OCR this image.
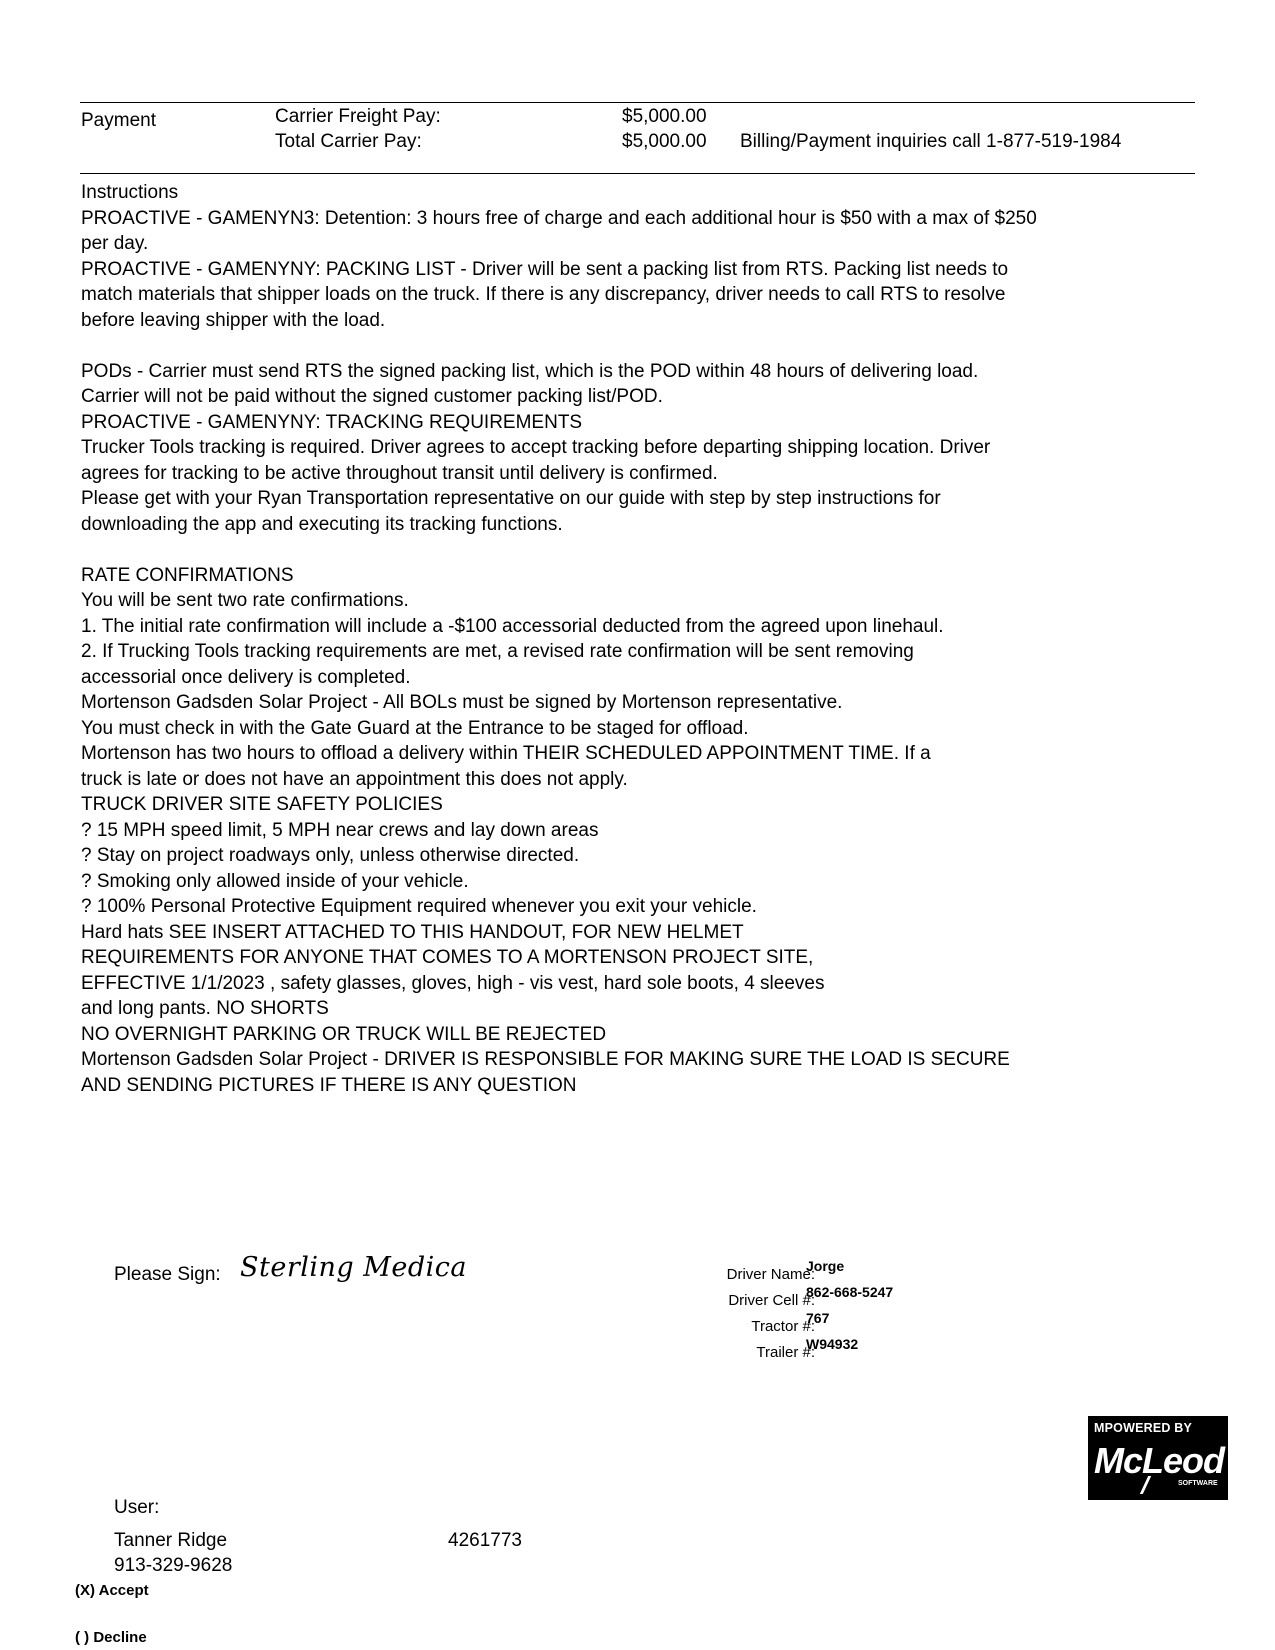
Payment	Carrier Freight Pay:	$5,000.00
Total Carrier Pay:	$5,000.00 Billing/Payment inquiries call 1-877-519-1984
Instructions
PROACTIVE - GAMENYN3: Detention: 3 hours free of charge and each additional hour is $50 with a max of $250
per day.
PROACTIVE - GAMENYNY: PACKING LIST - Driver will be sent a packing list from RTS. Packing list needs to
match materials that shipper loads on the truck. If there is any discrepancy, driver needs to call RTS to resolve
before leaving shipper with the load.
PODs - Carrier must send RTS the signed packing list, which is the POD within 48 hours of delivering load.
Carrier will not be paid without the signed customer packing list/POD.
PROACTIVE - GAMENYNY: TRACKING REQUIREMENTS
Trucker Tools tracking is required. Driver agrees to accept tracking before departing shipping location. Driver
agrees for tracking to be active throughout transit until delivery is confirmed.
Please get with your Ryan Transportation representative on our guide with step by step instructions for
downloading the app and executing its tracking functions.
RATE CONFIRMATIONS
You will be sent two rate confirmations.
1. The initial rate confirmation will include a -$100 accessorial deducted from the agreed upon linehaul.
2. If Trucking Tools tracking requirements are met, a revised rate confirmation will be sent removing
accessorial once delivery is completed.
Mortenson Gadsden Solar Project - All BOLs must be signed by Mortenson representative.
You must check in with the Gate Guard at the Entrance to be staged for offload.
Mortenson has two hours to offload a delivery within THEIR SCHEDULED APPOINTMENT TIME. If a
truck is late or does not have an appointment this does not apply.
TRUCK DRIVER SITE SAFETY POLICIES
? 15 MPH speed limit, 5 MPH near crews and lay down areas
? Stay on project roadways only, unless otherwise directed.
? Smoking only allowed inside of your vehicle.
? 100% Personal Protective Equipment required whenever you exit your vehicle.
Hard hats SEE INSERT ATTACHED TO THIS HANDOUT, FOR NEW HELMET
REQUIREMENTS FOR ANYONE THAT COMES TO A MORTENSON PROJECT SITE,
EFFECTIVE 1/1/2023 , safety glasses, gloves, high - vis vest, hard sole boots, 4 sleeves
and long pants. NO SHORTS
NO OVERNIGHT PARKING OR TRUCK WILL BE REJECTED
Mortenson Gadsden Solar Project - DRIVER IS RESPONSIBLE FOR MAKING SURE THE LOAD IS SECURE
AND SENDING PICTURES IF THERE IS ANY QUESTION
Please Sign: Sterling Medica	Driver Name:
Jorge
Driver Cell #:
862-668-5247
Tractor #:
767
Trailer #:
W94932
MPOWERED BY
McLeod
SOFTWARE
User:
Tanner Ridge	4261773
913-329-9628
(X) Accept
( ) Decline
